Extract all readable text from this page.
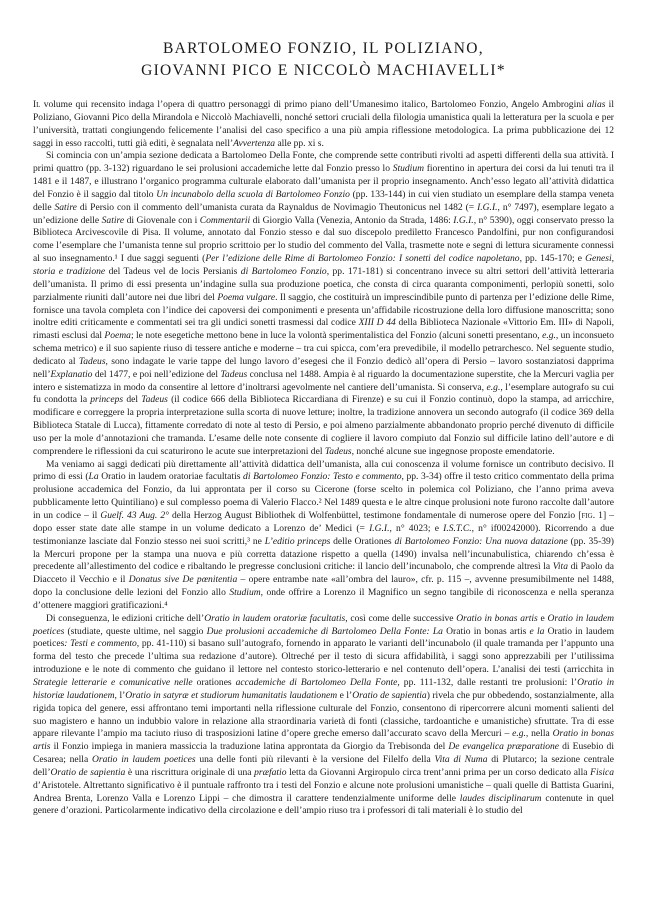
BARTOLOMEO FONZIO, IL POLIZIANO,
GIOVANNI PICO E NICCOLÒ MACHIAVELLI*

Il volume qui recensito indaga l’opera di quattro personaggi di primo piano dell’Umanesimo italico, Bartolomeo Fonzio, Angelo Ambrogini alias il Poliziano, Giovanni Pico della Mirandola e Niccolò Machiavelli, nonché settori cruciali della filologia umanistica quali la letteratura per la scuola e per l’università, trattati congiungendo felicemente l’analisi del caso specifico a una più ampia riflessione metodologica. La prima pubblicazione dei 12 saggi in esso raccolti, tutti già editi, è segnalata nell’Avvertenza alle pp. xi s.

Si comincia con un’ampia sezione dedicata a Bartolomeo Della Fonte, che comprende sette contributi rivolti ad aspetti differenti della sua attività. I primi quattro (pp. 3-132) riguardano le sei prolusioni accademiche lette dal Fonzio presso lo Studium fiorentino in apertura dei corsi da lui tenuti tra il 1481 e il 1487, e illustrano l’organico programma culturale elaborato dall’umanista per il proprio insegnamento. Anch’esso legato all’attività didattica del Fonzio è il saggio dal titolo Un incunabolo della scuola di Bartolomeo Fonzio (pp. 133-144) in cui vien studiato un esemplare della stampa veneta delle Satire di Persio con il commento dell’umanista curata da Raynaldus de Novimagio Theutonicus nel 1482 (= I.G.I., n° 7497), esemplare legato a un’edizione delle Satire di Giovenale con i Commentarii di Giorgio Valla (Venezia, Antonio da Strada, 1486: I.G.I., n° 5390), oggi conservato presso la Biblioteca Arcivescovile di Pisa. Il volume, annotato dal Fonzio stesso e dal suo discepolo prediletto Francesco Pandolfini, pur non configurandosi come l’esemplare che l’umanista tenne sul proprio scrittoio per lo studio del commento del Valla, trasmette note e segni di lettura sicuramente connessi al suo insegnamento.¹ I due saggi seguenti (Per l’edizione delle Rime di Bartolomeo Fonzio: I sonetti del codice napoletano, pp. 145-170; e Genesi, storia e tradizione del Tadeus vel de locis Persianis di Bartolomeo Fonzio, pp. 171-181) si concentrano invece su altri settori dell’attività letteraria dell’umanista. Il primo di essi presenta un’indagine sulla sua produzione poetica, che consta di circa quaranta componimenti, perlopiù sonetti, solo parzialmente riuniti dall’autore nei due libri del Poema vulgare. Il saggio, che costituirà un imprescindibile punto di partenza per l’edizione delle Rime, fornisce una tavola completa con l’indice dei capoversi dei componimenti e presenta un’affidabile ricostruzione della loro diffusione manoscritta; sono inoltre editi criticamente e commentati sei tra gli undici sonetti trasmessi dal codice XIII D 44 della Biblioteca Nazionale «Vittorio Em. III» di Napoli, rimasti esclusi dal Poema; le note esegetiche mettono bene in luce la volontà sperimentalistica del Fonzio (alcuni sonetti presentano, e.g., un inconsueto schema metrico) e il suo sapiente riuso di tessere antiche e moderne – tra cui spicca, com’era prevedibile, il modello petrarchesco. Nel seguente studio, dedicato al Tadeus, sono indagate le varie tappe del lungo lavoro d’esegesi che il Fonzio dedicò all’opera di Persio – lavoro sostanziatosi dapprima nell’Explanatio del 1477, e poi nell’edizione del Tadeus conclusa nel 1488. Ampia è al riguardo la documentazione superstite, che la Mercuri vaglia per intero e sistematizza in modo da consentire al lettore d’inoltrarsi agevolmente nel cantiere dell’umanista. Si conserva, e.g., l’esemplare autografo su cui fu condotta la princeps del Tadeus (il codice 666 della Biblioteca Riccardiana di Firenze) e su cui il Fonzio continuò, dopo la stampa, ad arricchire, modificare e correggere la propria interpretazione sulla scorta di nuove letture; inoltre, la tradizione annovera un secondo autografo (il codice 369 della Biblioteca Statale di Lucca), fittamente corredato di note al testo di Persio, e poi almeno parzialmente abbandonato proprio perché divenuto di difficile uso per la mole d’annotazioni che tramanda. L’esame delle note consente di cogliere il lavoro compiuto dal Fonzio sul difficile latino dell’autore e di comprendere le riflessioni da cui scaturirono le acute sue interpretazioni del Tadeus, nonché alcune sue ingegnose proposte emendatorie.

Ma veniamo ai saggi dedicati più direttamente all’attività didattica dell’umanista, alla cui conoscenza il volume fornisce un contributo decisivo. Il primo di essi (La Oratio in laudem oratoriae facultatis di Bartolomeo Fonzio: Testo e commento, pp. 3-34) offre il testo critico commentato della prima prolusione accademica del Fonzio, da lui approntata per il corso su Cicerone (forse scelto in polemica col Poliziano, che l’anno prima aveva pubblicamente letto Quintiliano) e sul complesso poema di Valerio Flacco.² Nel 1489 questa e le altre cinque prolusioni note furono raccolte dall’autore in un codice – il Guelf. 43 Aug. 2° della Herzog August Bibliothek di Wolfenbüttel, testimone fondamentale di numerose opere del Fonzio [fig. 1] – dopo esser state date alle stampe in un volume dedicato a Lorenzo de’ Medici (= I.G.I., n° 4023; e I.S.T.C., n° if00242000). Ricorrendo a due testimonianze lasciate dal Fonzio stesso nei suoi scritti,³ ne L’editio princeps delle Orationes di Bartolomeo Fonzio: Una nuova datazione (pp. 35-39) la Mercuri propone per la stampa una nuova e più corretta datazione rispetto a quella (1490) invalsa nell’incunabulistica, chiarendo ch’essa è precedente all’allestimento del codice e ribaltando le pregresse conclusioni critiche: il lancio dell’incunabolo, che comprende altresì la Vita di Paolo da Diacceto il Vecchio e il Donatus sive De pœnitentia – opere entrambe nate «all’ombra del lauro», cfr. p. 115 –, avvenne presumibilmente nel 1488, dopo la conclusione delle lezioni del Fonzio allo Studium, onde offrire a Lorenzo il Magnifico un segno tangibile di riconoscenza e nella speranza d’ottenere maggiori gratificazioni.⁴

Di conseguenza, le edizioni critiche dell’Oratio in laudem oratoriæ facultatis, così come delle successive Oratio in bonas artis e Oratio in laudem poetices (studiate, queste ultime, nel saggio Due prolusioni accademiche di Bartolomeo Della Fonte: La Oratio in bonas artis e la Oratio in laudem poetices: Testi e commento, pp. 41-110) si basano sull’autografo, fornendo in apparato le varianti dell’incunabolo (il quale tramanda per l’appunto una forma del testo che precede l’ultima sua redazione d’autore). Oltreché per il testo di sicura affidabilità, i saggi sono apprezzabili per l’utilissima introduzione e le note di commento che guidano il lettore nel contesto storico-letterario e nel contenuto dell’opera. L’analisi dei testi (arricchita in Strategie letterarie e comunicative nelle orationes accademiche di Bartolomeo Della Fonte, pp. 111-132, dalle restanti tre prolusioni: l’Oratio in historiæ laudationem, l’Oratio in satyræ et studiorum humanitatis laudationem e l’Oratio de sapientia) rivela che pur obbedendo, sostanzialmente, alla rigida topica del genere, essi affrontano temi importanti nella riflessione culturale del Fonzio, consentono di ripercorrere alcuni momenti salienti del suo magistero e hanno un indubbio valore in relazione alla straordinaria varietà di fonti (classiche, tardoantiche e umanistiche) sfruttate. Tra di esse appare rilevante l’ampio ma taciuto riuso di trasposizioni latine d’opere greche emerso dall’accurato scavo della Mercuri – e.g., nella Oratio in bonas artis il Fonzio impiega in maniera massiccia la traduzione latina approntata da Giorgio da Trebisonda del De evangelica præparatione di Eusebio di Cesarea; nella Oratio in laudem poetices una delle fonti più rilevanti è la versione del Filelfo della Vita di Numa di Plutarco; la sezione centrale dell’Oratio de sapientia è una riscrittura originale di una præfatio letta da Giovanni Argiropulo circa trent’anni prima per un corso dedicato alla Fisica d’Aristotele. Altrettanto significativo è il puntuale raffronto tra i testi del Fonzio e alcune note prolusioni umanistiche – quali quelle di Battista Guarini, Andrea Brenta, Lorenzo Valla e Lorenzo Lippi – che dimostra il carattere tendenzialmente uniforme delle laudes disciplinarum contenute in quel genere d’orazioni. Particolarmente indicativo della circolazione e dell’ampio riuso tra i professori di tali materiali è lo studio del
